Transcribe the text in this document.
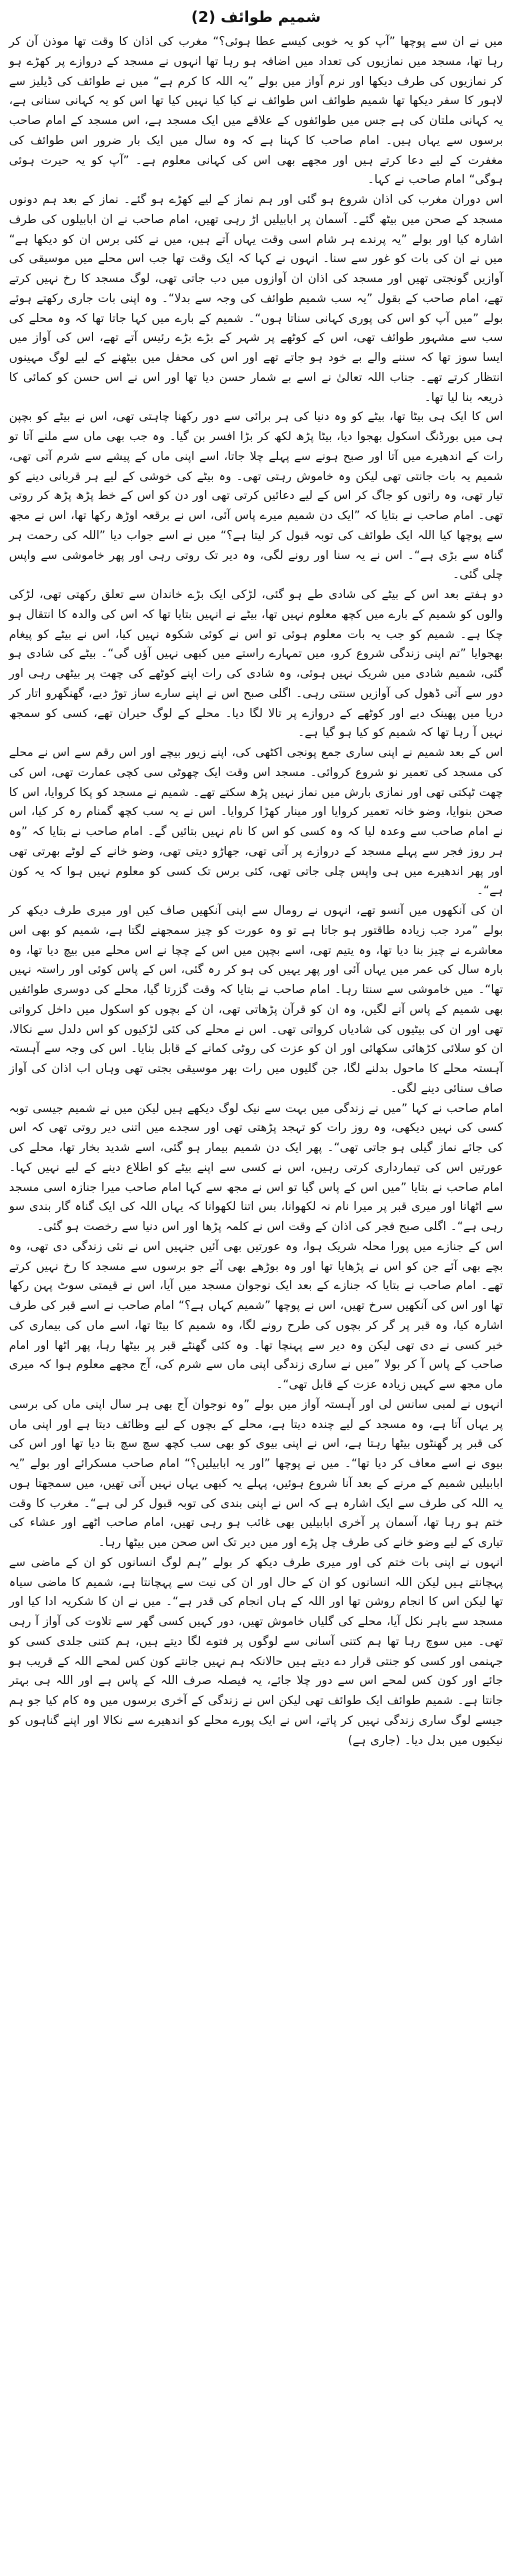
شمیم طوائف (2)

میں نے ان سے پوچھا ”آپ کو یہ خوبی کیسے عطا ہوئی؟“ مغرب کی اذان کا وقت تھا موذن آن کر رہا تھا، مسجد میں نمازیوں کی تعداد میں اضافہ ہو رہا تھا انہوں نے مسجد کے دروازے پر کھڑے ہو کر نمازیوں کی طرف دیکھا اور نرم آواز میں بولے ”یہ اللہ کا کرم ہے“ میں نے طوائف کی ڈیلیز سے لاہور کا سفر دیکھا تھا شمیم طوائف اس طوائف نے کیا کیا نہیں کیا تھا اس کو یہ کہانی سنانی ہے، یہ کہانی ملتان کی ہے جس میں طوائفوں کے علاقے میں ایک مسجد ہے، اس مسجد کے امام صاحب برسوں سے یہاں ہیں۔ امام صاحب کا کہنا ہے کہ وہ سال میں ایک بار ضرور اس طوائف کی مغفرت کے لیے دعا کرتے ہیں اور مجھے بھی اس کی کہانی معلوم ہے۔ ”آپ کو یہ حیرت ہوئی ہوگی“ امام صاحب نے کہا۔

اس دوران مغرب کی اذان شروع ہو گئی اور ہم نماز کے لیے کھڑے ہو گئے۔ نماز کے بعد ہم دونوں مسجد کے صحن میں بیٹھ گئے۔ آسمان پر ابابیلیں اڑ رہی تھیں، امام صاحب نے ان ابابیلوں کی طرف اشارہ کیا اور بولے ”یہ پرندے ہر شام اسی وقت یہاں آتے ہیں، میں نے کئی برس ان کو دیکھا ہے“ میں نے ان کی بات کو غور سے سنا۔ انہوں نے کہا کہ ایک وقت تھا جب اس محلے میں موسیقی کی آوازیں گونجتی تھیں اور مسجد کی اذان ان آوازوں میں دب جاتی تھی، لوگ مسجد کا رخ نہیں کرتے تھے، امام صاحب کے بقول ”یہ سب شمیم طوائف کی وجہ سے بدلا“۔ وہ اپنی بات جاری رکھتے ہوئے بولے ”میں آپ کو اس کی پوری کہانی سناتا ہوں“۔ شمیم کے بارے میں کہا جاتا تھا کہ وہ محلے کی سب سے مشہور طوائف تھی، اس کے کوٹھے پر شہر کے بڑے بڑے رئیس آتے تھے، اس کی آواز میں ایسا سوز تھا کہ سننے والے بے خود ہو جاتے تھے اور اس کی محفل میں بیٹھنے کے لیے لوگ مہینوں انتظار کرتے تھے۔ جناب اللہ تعالیٰ نے اسے بے شمار حسن دیا تھا اور اس نے اس حسن کو کمائی کا ذریعہ بنا لیا تھا۔

اس کا ایک ہی بیٹا تھا، بیٹے کو وہ دنیا کی ہر برائی سے دور رکھنا چاہتی تھی، اس نے بیٹے کو بچپن ہی میں بورڈنگ اسکول بھجوا دیا، بیٹا پڑھ لکھ کر بڑا افسر بن گیا۔ وہ جب بھی ماں سے ملنے آتا تو رات کے اندھیرے میں آتا اور صبح ہونے سے پہلے چلا جاتا، اسے اپنی ماں کے پیشے سے شرم آتی تھی، شمیم یہ بات جانتی تھی لیکن وہ خاموش رہتی تھی۔ وہ بیٹے کی خوشی کے لیے ہر قربانی دینے کو تیار تھی، وہ راتوں کو جاگ کر اس کے لیے دعائیں کرتی تھی اور دن کو اس کے خط پڑھ پڑھ کر روتی تھی۔ امام صاحب نے بتایا کہ ”ایک دن شمیم میرے پاس آئی، اس نے برقعہ اوڑھ رکھا تھا، اس نے مجھ سے پوچھا کیا اللہ ایک طوائف کی توبہ قبول کر لیتا ہے؟“ میں نے اسے جواب دیا ”اللہ کی رحمت ہر گناہ سے بڑی ہے“۔ اس نے یہ سنا اور رونے لگی، وہ دیر تک روتی رہی اور پھر خاموشی سے واپس چلی گئی۔

دو ہفتے بعد اس کے بیٹے کی شادی طے ہو گئی، لڑکی ایک بڑے خاندان سے تعلق رکھتی تھی، لڑکی والوں کو شمیم کے بارے میں کچھ معلوم نہیں تھا، بیٹے نے انہیں بتایا تھا کہ اس کی والدہ کا انتقال ہو چکا ہے۔ شمیم کو جب یہ بات معلوم ہوئی تو اس نے کوئی شکوہ نہیں کیا، اس نے بیٹے کو پیغام بھجوایا ”تم اپنی زندگی شروع کرو، میں تمہارے راستے میں کبھی نہیں آؤں گی“۔ بیٹے کی شادی ہو گئی، شمیم شادی میں شریک نہیں ہوئی، وہ شادی کی رات اپنے کوٹھے کی چھت پر بیٹھی رہی اور دور سے آتی ڈھول کی آوازیں سنتی رہی۔ اگلی صبح اس نے اپنے سارے ساز توڑ دیے، گھنگھرو اتار کر دریا میں پھینک دیے اور کوٹھے کے دروازے پر تالا لگا دیا۔ محلے کے لوگ حیران تھے، کسی کو سمجھ نہیں آ رہا تھا کہ شمیم کو کیا ہو گیا ہے۔

اس کے بعد شمیم نے اپنی ساری جمع پونجی اکٹھی کی، اپنے زیور بیچے اور اس رقم سے اس نے محلے کی مسجد کی تعمیر نو شروع کروائی۔ مسجد اس وقت ایک چھوٹی سی کچی عمارت تھی، اس کی چھت ٹپکتی تھی اور نمازی بارش میں نماز نہیں پڑھ سکتے تھے۔ شمیم نے مسجد کو پکا کروایا، اس کا صحن بنوایا، وضو خانہ تعمیر کروایا اور مینار کھڑا کروایا۔ اس نے یہ سب کچھ گمنام رہ کر کیا، اس نے امام صاحب سے وعدہ لیا کہ وہ کسی کو اس کا نام نہیں بتائیں گے۔ امام صاحب نے بتایا کہ ”وہ ہر روز فجر سے پہلے مسجد کے دروازے پر آتی تھی، جھاڑو دیتی تھی، وضو خانے کے لوٹے بھرتی تھی اور پھر اندھیرے میں ہی واپس چلی جاتی تھی، کئی برس تک کسی کو معلوم نہیں ہوا کہ یہ کون ہے“۔

ان کی آنکھوں میں آنسو تھے، انہوں نے رومال سے اپنی آنکھیں صاف کیں اور میری طرف دیکھ کر بولے ”مرد جب زیادہ طاقتور ہو جاتا ہے تو وہ عورت کو چیز سمجھنے لگتا ہے، شمیم کو بھی اس معاشرے نے چیز بنا دیا تھا، وہ یتیم تھی، اسے بچپن میں اس کے چچا نے اس محلے میں بیچ دیا تھا، وہ بارہ سال کی عمر میں یہاں آئی اور پھر یہیں کی ہو کر رہ گئی، اس کے پاس کوئی اور راستہ نہیں تھا“۔ میں خاموشی سے سنتا رہا۔ امام صاحب نے بتایا کہ وقت گزرتا گیا، محلے کی دوسری طوائفیں بھی شمیم کے پاس آنے لگیں، وہ ان کو قرآن پڑھاتی تھی، ان کے بچوں کو اسکول میں داخل کرواتی تھی اور ان کی بیٹیوں کی شادیاں کرواتی تھی۔ اس نے محلے کی کئی لڑکیوں کو اس دلدل سے نکالا، ان کو سلائی کڑھائی سکھائی اور ان کو عزت کی روٹی کمانے کے قابل بنایا۔ اس کی وجہ سے آہستہ آہستہ محلے کا ماحول بدلنے لگا، جن گلیوں میں رات بھر موسیقی بجتی تھی وہاں اب اذان کی آواز صاف سنائی دینے لگی۔

امام صاحب نے کہا ”میں نے زندگی میں بہت سے نیک لوگ دیکھے ہیں لیکن میں نے شمیم جیسی توبہ کسی کی نہیں دیکھی، وہ روز رات کو تہجد پڑھتی تھی اور سجدے میں اتنی دیر روتی تھی کہ اس کی جائے نماز گیلی ہو جاتی تھی“۔ پھر ایک دن شمیم بیمار ہو گئی، اسے شدید بخار تھا، محلے کی عورتیں اس کی تیمارداری کرتی رہیں، اس نے کسی سے اپنے بیٹے کو اطلاع دینے کے لیے نہیں کہا۔ امام صاحب نے بتایا ”میں اس کے پاس گیا تو اس نے مجھ سے کہا امام صاحب میرا جنازہ اسی مسجد سے اٹھانا اور میری قبر پر میرا نام نہ لکھوانا، بس اتنا لکھوانا کہ یہاں اللہ کی ایک گناہ گار بندی سو رہی ہے“۔ اگلی صبح فجر کی اذان کے وقت اس نے کلمہ پڑھا اور اس دنیا سے رخصت ہو گئی۔

اس کے جنازے میں پورا محلہ شریک ہوا، وہ عورتیں بھی آئیں جنہیں اس نے نئی زندگی دی تھی، وہ بچے بھی آئے جن کو اس نے پڑھایا تھا اور وہ بوڑھے بھی آئے جو برسوں سے مسجد کا رخ نہیں کرتے تھے۔ امام صاحب نے بتایا کہ جنازے کے بعد ایک نوجوان مسجد میں آیا، اس نے قیمتی سوٹ پہن رکھا تھا اور اس کی آنکھیں سرخ تھیں، اس نے پوچھا ”شمیم کہاں ہے؟“ امام صاحب نے اسے قبر کی طرف اشارہ کیا، وہ قبر پر گر کر بچوں کی طرح رونے لگا، وہ شمیم کا بیٹا تھا، اسے ماں کی بیماری کی خبر کسی نے دی تھی لیکن وہ دیر سے پہنچا تھا۔ وہ کئی گھنٹے قبر پر بیٹھا رہا، پھر اٹھا اور امام صاحب کے پاس آ کر بولا ”میں نے ساری زندگی اپنی ماں سے شرم کی، آج مجھے معلوم ہوا کہ میری ماں مجھ سے کہیں زیادہ عزت کے قابل تھی“۔

انہوں نے لمبی سانس لی اور آہستہ آواز میں بولے ”وہ نوجوان آج بھی ہر سال اپنی ماں کی برسی پر یہاں آتا ہے، وہ مسجد کے لیے چندہ دیتا ہے، محلے کے بچوں کے لیے وظائف دیتا ہے اور اپنی ماں کی قبر پر گھنٹوں بیٹھا رہتا ہے، اس نے اپنی بیوی کو بھی سب کچھ سچ سچ بتا دیا تھا اور اس کی بیوی نے اسے معاف کر دیا تھا“۔ میں نے پوچھا ”اور یہ ابابیلیں؟“ امام صاحب مسکرائے اور بولے ”یہ ابابیلیں شمیم کے مرنے کے بعد آنا شروع ہوئیں، پہلے یہ کبھی یہاں نہیں آتی تھیں، میں سمجھتا ہوں یہ اللہ کی طرف سے ایک اشارہ ہے کہ اس نے اپنی بندی کی توبہ قبول کر لی ہے“۔ مغرب کا وقت ختم ہو رہا تھا، آسمان پر آخری ابابیلیں بھی غائب ہو رہی تھیں، امام صاحب اٹھے اور عشاء کی تیاری کے لیے وضو خانے کی طرف چل پڑے اور میں دیر تک اس صحن میں بیٹھا رہا۔

انہوں نے اپنی بات ختم کی اور میری طرف دیکھ کر بولے ”ہم لوگ انسانوں کو ان کے ماضی سے پہچانتے ہیں لیکن اللہ انسانوں کو ان کے حال اور ان کی نیت سے پہچانتا ہے، شمیم کا ماضی سیاہ تھا لیکن اس کا انجام روشن تھا اور اللہ کے ہاں انجام کی قدر ہے“۔ میں نے ان کا شکریہ ادا کیا اور مسجد سے باہر نکل آیا، محلے کی گلیاں خاموش تھیں، دور کہیں کسی گھر سے تلاوت کی آواز آ رہی تھی۔ میں سوچ رہا تھا ہم کتنی آسانی سے لوگوں پر فتوے لگا دیتے ہیں، ہم کتنی جلدی کسی کو جہنمی اور کسی کو جنتی قرار دے دیتے ہیں حالانکہ ہم نہیں جانتے کون کس لمحے اللہ کے قریب ہو جائے اور کون کس لمحے اس سے دور چلا جائے، یہ فیصلہ صرف اللہ کے پاس ہے اور اللہ ہی بہتر جانتا ہے۔ شمیم طوائف ایک طوائف تھی لیکن اس نے زندگی کے آخری برسوں میں وہ کام کیا جو ہم جیسے لوگ ساری زندگی نہیں کر پاتے، اس نے ایک پورے محلے کو اندھیرے سے نکالا اور اپنے گناہوں کو نیکیوں میں بدل دیا۔ (جاری ہے)
